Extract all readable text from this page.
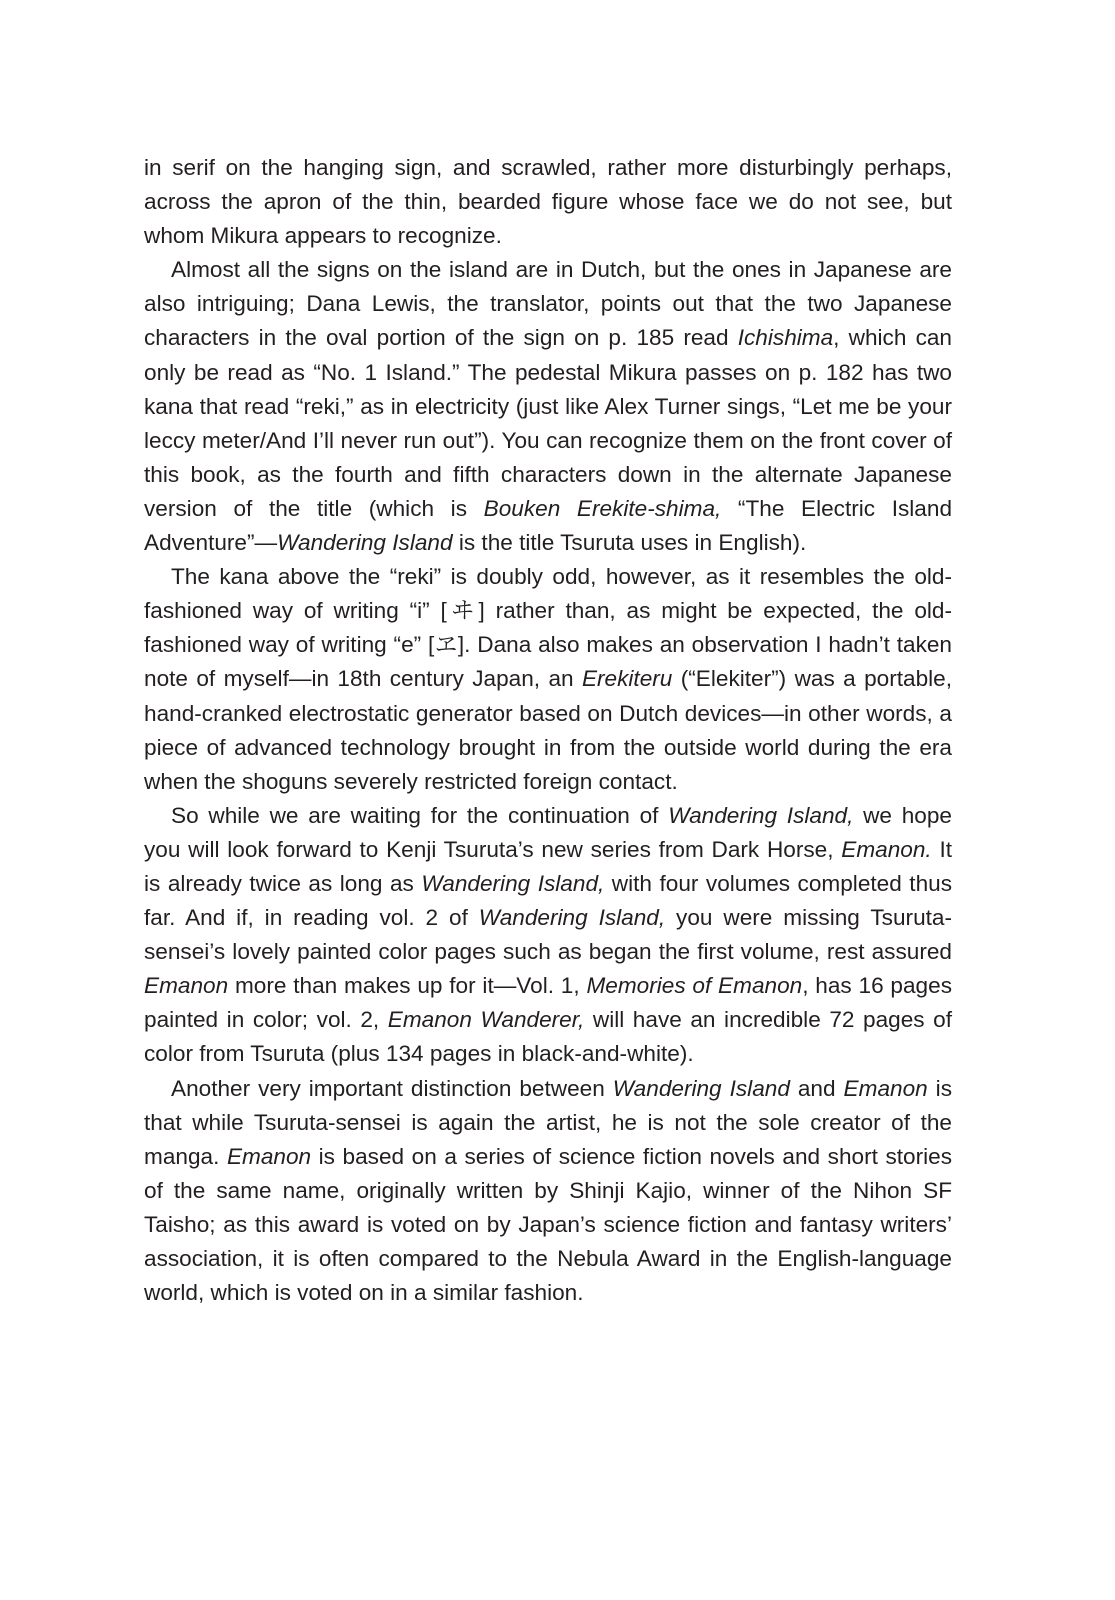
in serif on the hanging sign, and scrawled, rather more disturbingly perhaps, across the apron of the thin, bearded figure whose face we do not see, but whom Mikura appears to recognize.

Almost all the signs on the island are in Dutch, but the ones in Japanese are also intriguing; Dana Lewis, the translator, points out that the two Japanese characters in the oval portion of the sign on p. 185 read Ichishima, which can only be read as “No. 1 Island.” The pedestal Mikura passes on p. 182 has two kana that read “reki,” as in electricity (just like Alex Turner sings, “Let me be your leccy meter/And I’ll never run out”). You can recognize them on the front cover of this book, as the fourth and fifth characters down in the alternate Japanese version of the title (which is Bouken Erekite-shima, “The Electric Island Adventure”—Wandering Island is the title Tsuruta uses in English).

The kana above the “reki” is doubly odd, however, as it resembles the old-fashioned way of writing “i” [ヰ] rather than, as might be expected, the old-fashioned way of writing “e” [ヱ]. Dana also makes an observation I hadn’t taken note of myself—in 18th century Japan, an Erekiteru (“Elekiter”) was a portable, hand-cranked electrostatic generator based on Dutch devices—in other words, a piece of advanced technology brought in from the outside world during the era when the shoguns severely restricted foreign contact.

So while we are waiting for the continuation of Wandering Island, we hope you will look forward to Kenji Tsuruta’s new series from Dark Horse, Emanon. It is already twice as long as Wandering Island, with four volumes completed thus far. And if, in reading vol. 2 of Wandering Island, you were missing Tsuruta-sensei’s lovely painted color pages such as began the first volume, rest assured Emanon more than makes up for it—Vol. 1, Memories of Emanon, has 16 pages painted in color; vol. 2, Emanon Wanderer, will have an incredible 72 pages of color from Tsuruta (plus 134 pages in black-and-white).

Another very important distinction between Wandering Island and Emanon is that while Tsuruta-sensei is again the artist, he is not the sole creator of the manga. Emanon is based on a series of science fiction novels and short stories of the same name, originally written by Shinji Kajio, winner of the Nihon SF Taisho; as this award is voted on by Japan’s science fiction and fantasy writers’ association, it is often compared to the Nebula Award in the English-language world, which is voted on in a similar fashion.
